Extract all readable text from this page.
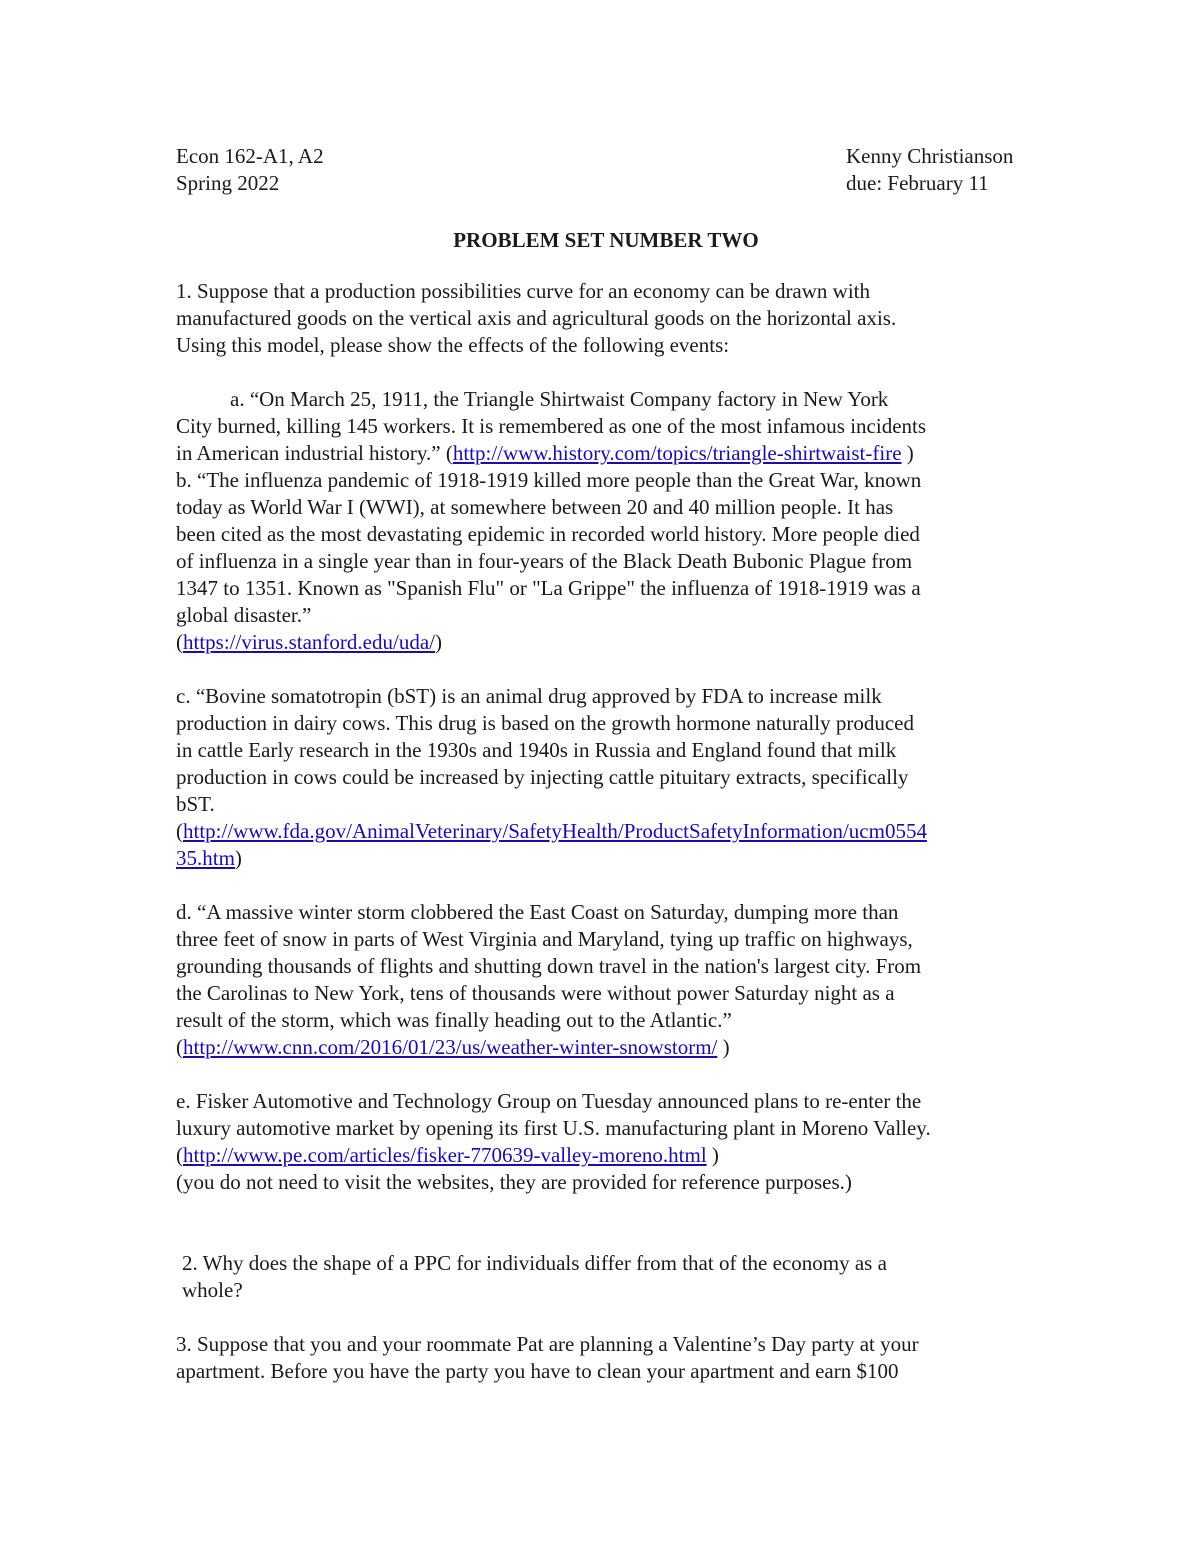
Econ 162-A1, A2	Kenny Christianson
Spring 2022	due: February 11
PROBLEM SET NUMBER TWO
1. Suppose that a production possibilities curve for an economy can be drawn with
manufactured goods on the vertical axis and agricultural goods on the horizontal axis.
Using this model, please show the effects of the following events:
a. “On March 25, 1911, the Triangle Shirtwaist Company factory in New York
City burned, killing 145 workers. It is remembered as one of the most infamous incidents
in American industrial history.” (http://www.history.com/topics/triangle-shirtwaist-fire )
b. “The influenza pandemic of 1918-1919 killed more people than the Great War, known
today as World War I (WWI), at somewhere between 20 and 40 million people. It has
been cited as the most devastating epidemic in recorded world history. More people died
of influenza in a single year than in four-years of the Black Death Bubonic Plague from
1347 to 1351. Known as "Spanish Flu" or "La Grippe" the influenza of 1918-1919 was a
global disaster.”
(https://virus.stanford.edu/uda/)
c. “Bovine somatotropin (bST) is an animal drug approved by FDA to increase milk
production in dairy cows. This drug is based on the growth hormone naturally produced
in cattle Early research in the 1930s and 1940s in Russia and England found that milk
production in cows could be increased by injecting cattle pituitary extracts, specifically
bST.
(http://www.fda.gov/AnimalVeterinary/SafetyHealth/ProductSafetyInformation/ucm0554
35.htm)
d. “A massive winter storm clobbered the East Coast on Saturday, dumping more than
three feet of snow in parts of West Virginia and Maryland, tying up traffic on highways,
grounding thousands of flights and shutting down travel in the nation's largest city. From
the Carolinas to New York, tens of thousands were without power Saturday night as a
result of the storm, which was finally heading out to the Atlantic.”
(http://www.cnn.com/2016/01/23/us/weather-winter-snowstorm/ )
e. Fisker Automotive and Technology Group on Tuesday announced plans to re-enter the
luxury automotive market by opening its first U.S. manufacturing plant in Moreno Valley.
(http://www.pe.com/articles/fisker-770639-valley-moreno.html )
(you do not need to visit the websites, they are provided for reference purposes.)
2. Why does the shape of a PPC for individuals differ from that of the economy as a
whole?
3. Suppose that you and your roommate Pat are planning a Valentine’s Day party at your
apartment. Before you have the party you have to clean your apartment and earn $100
